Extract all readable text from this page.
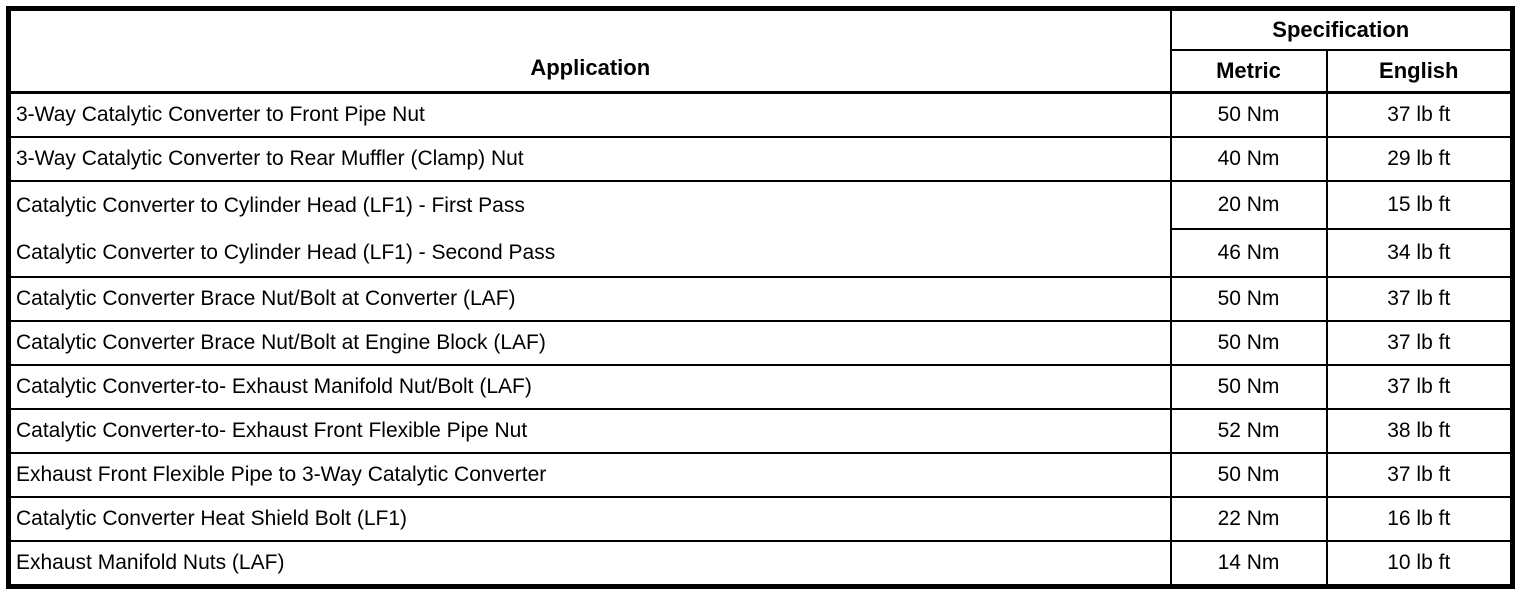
Application	Specification	
	Metric	English
3-Way Catalytic Converter to Front Pipe Nut	50 Nm	37 lb ft
3-Way Catalytic Converter to Rear Muffler (Clamp) Nut	40 Nm	29 lb ft
Catalytic Converter to Cylinder Head (LF1) - First Pass	20 Nm	15 lb ft
Catalytic Converter to Cylinder Head (LF1) - Second Pass	46 Nm	34 lb ft
Catalytic Converter Brace Nut/Bolt at Converter (LAF)	50 Nm	37 lb ft
Catalytic Converter Brace Nut/Bolt at Engine Block (LAF)	50 Nm	37 lb ft
Catalytic Converter-to- Exhaust Manifold Nut/Bolt (LAF)	50 Nm	37 lb ft
Catalytic Converter-to- Exhaust Front Flexible Pipe Nut	52 Nm	38 lb ft
Exhaust Front Flexible Pipe to 3-Way Catalytic Converter	50 Nm	37 lb ft
Catalytic Converter Heat Shield Bolt (LF1)	22 Nm	16 lb ft
Exhaust Manifold Nuts (LAF)	14 Nm	10 lb ft
